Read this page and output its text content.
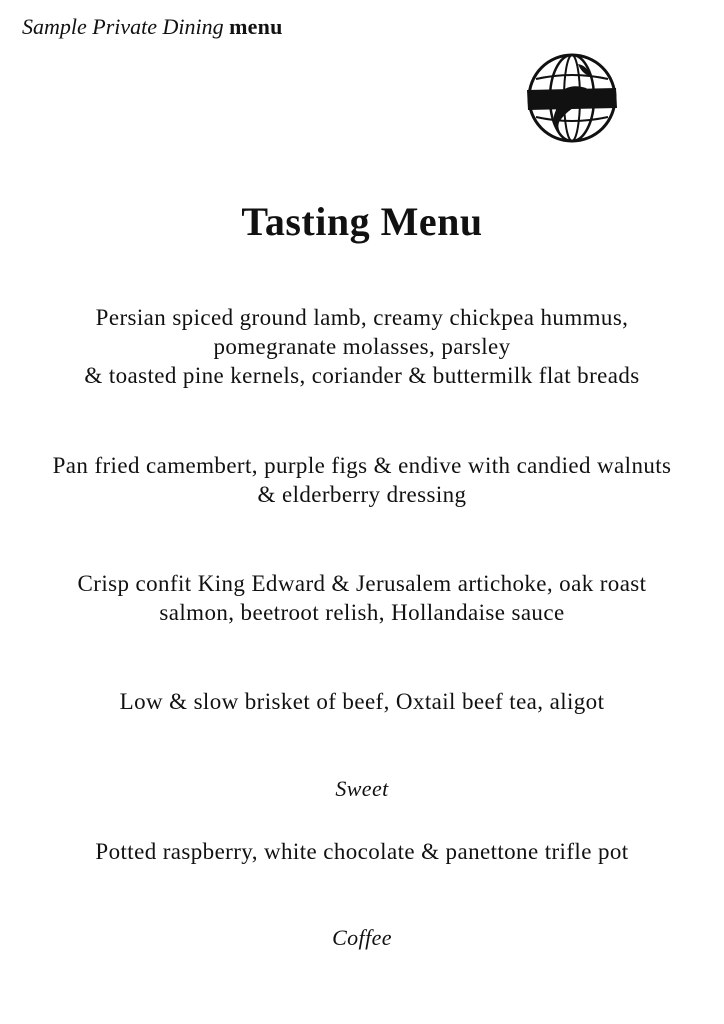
Sample Private Dining menu
Tasting Menu
Persian spiced ground lamb, creamy chickpea hummus,
pomegranate molasses, parsley
& toasted pine kernels, coriander & buttermilk flat breads
Pan fried camembert, purple figs & endive with candied walnuts
& elderberry dressing
Crisp confit King Edward & Jerusalem artichoke, oak roast
salmon, beetroot relish, Hollandaise sauce
Low & slow brisket of beef, Oxtail beef tea, aligot
Sweet
Potted raspberry, white chocolate & panettone trifle pot
Coffee
